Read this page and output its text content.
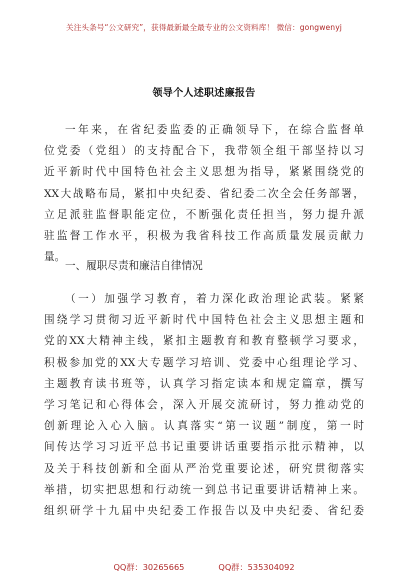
关注头条号“公文研究”，获得最新最全最专业的公文资料库！ 微信：gongwenyj
领导个人述职述廉报告
一年来，在省纪委监委的正确领导下，在综合监督单
位党委（党组）的支持配合下，我带领全组干部坚持以习
近平新时代中国特色社会主义思想为指导，紧紧围绕党的
XX大战略布局，紧扣中央纪委、省纪委二次全会任务部署，
立足派驻监督职能定位，不断强化责任担当，努力提升派
驻监督工作水平，积极为我省科技工作高质量发展贡献力
量。
一、履职尽责和廉洁自律情况
（一）加强学习教育，着力深化政治理论武装。紧紧
围绕学习贯彻习近平新时代中国特色社会主义思想主题和
党的XX大精神主线，紧扣主题教育和教育整顿学习要求，
积极参加党的XX大专题学习培训、党委中心组理论学习、
主题教育读书班等，认真学习指定读本和规定篇章，撰写
学习笔记和心得体会，深入开展交流研讨，努力推动党的
创新理论入心入脑。认真落实“第一议题”制度，第一时
间传达学习习近平总书记重要讲话重要指示批示精神，以
及关于科技创新和全面从严治党重要论述，研究贯彻落实
举措，切实把思想和行动统一到总书记重要讲话精神上来。
组织研学十九届中央纪委工作报告以及中央纪委、省纪委
QQ群：30265665	QQ群：535304092
